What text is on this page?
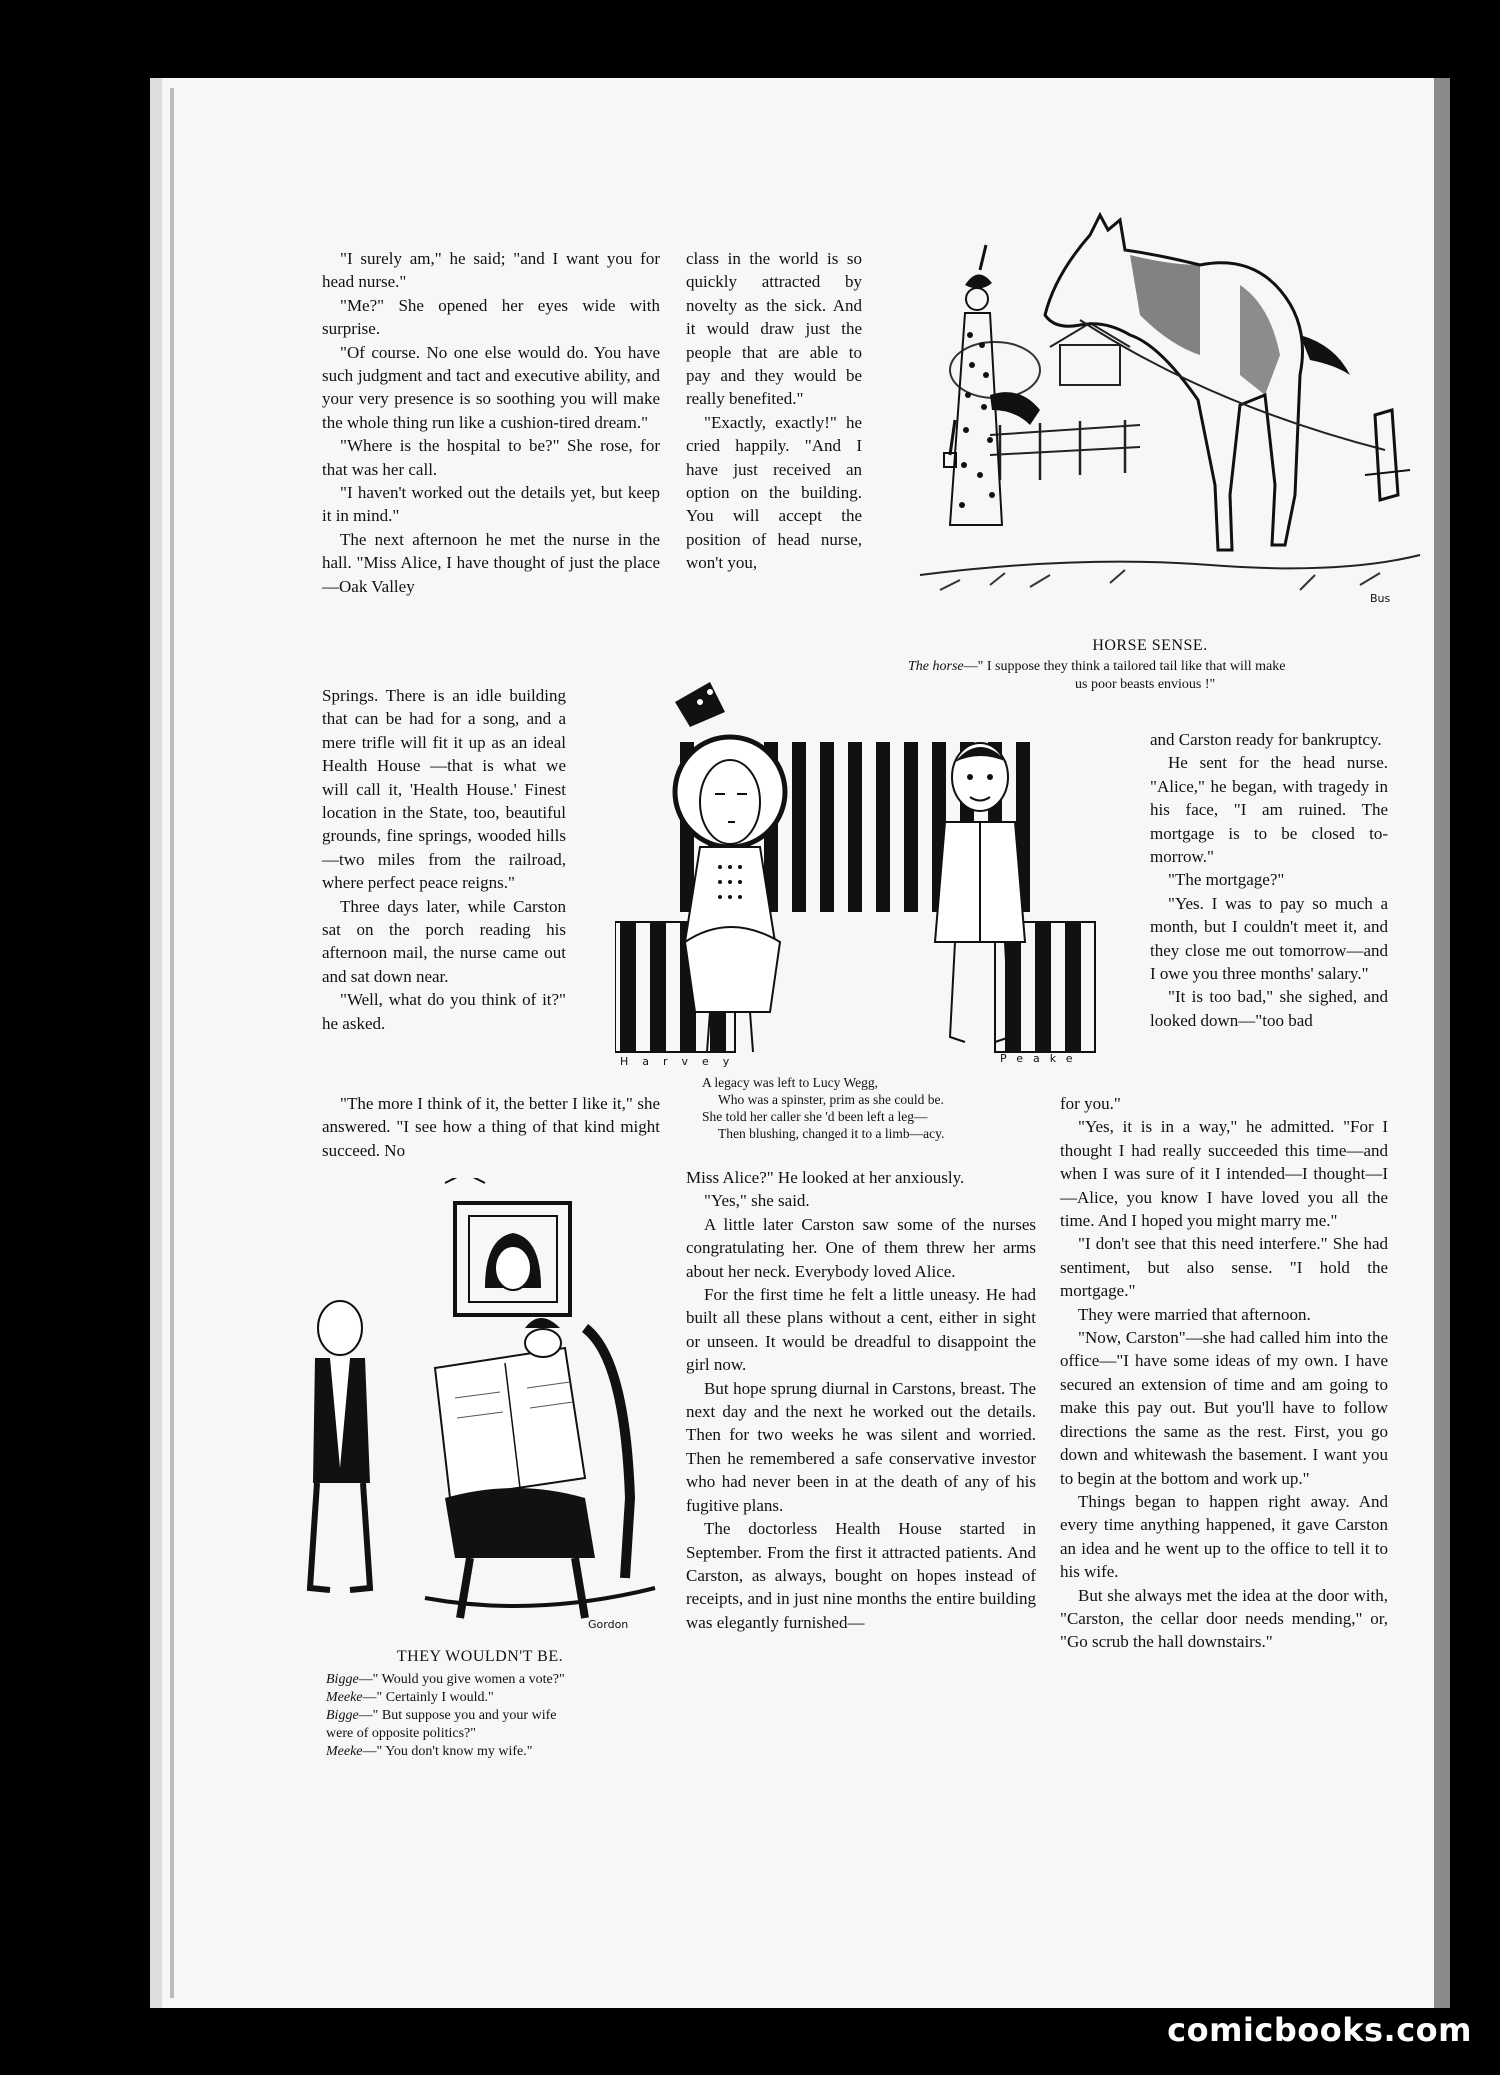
"I surely am," he said; "and I want you for head nurse."

"Me?" She opened her eyes wide with surprise.

"Of course. No one else would do. You have such judgment and tact and executive ability, and your very presence is so soothing you will make the whole thing run like a cushion-tired dream."

"Where is the hospital to be?" She rose, for that was her call.

"I haven't worked out the details yet, but keep it in mind."

The next afternoon he met the nurse in the hall. "Miss Alice, I have thought of just the place—Oak Valley

Springs. There is an idle building that can be had for a song, and a mere trifle will fit it up as an ideal Health House —that is what we will call it, 'Health House.' Finest location in the State, too, beautiful grounds, fine springs, wooded hills—two miles from the railroad, where perfect peace reigns."

Three days later, while Carston sat on the porch reading his afternoon mail, the nurse came out and sat down near.

"Well, what do you think of it?" he asked.

"The more I think of it, the better I like it," she answered. "I see how a thing of that kind might succeed. No

class in the world is so quickly attracted by novelty as the sick. And it would draw just the people that are able to pay and they would be really benefited."

"Exactly, exactly!" he cried happily. "And I have just received an option on the building. You will accept the position of head nurse, won't you,

Miss Alice?" He looked at her anxiously.

"Yes," she said.

A little later Carston saw some of the nurses congratulating her. One of them threw her arms about her neck. Everybody loved Alice.

For the first time he felt a little uneasy. He had built all these plans without a cent, either in sight or unseen. It would be dreadful to disappoint the girl now.

But hope sprung diurnal in Carstons, breast. The next day and the next he worked out the details. Then for two weeks he was silent and worried. Then he remembered a safe conservative investor who had never been in at the death of any of his fugitive plans.

The doctorless Health House started in September. From the first it attracted patients. And Carston, as always, bought on hopes instead of receipts, and in just nine months the entire building was elegantly furnished—

and Carston ready for bankruptcy.

He sent for the head nurse. "Alice," he began, with tragedy in his face, "I am ruined. The mortgage is to be closed to-morrow."

"The mortgage?"

"Yes. I was to pay so much a month, but I couldn't meet it, and they close me out tomorrow—and I owe you three months' salary."

"It is too bad," she sighed, and looked down—"too bad

for you."

"Yes, it is in a way," he admitted. "For I thought I had really succeeded this time—and when I was sure of it I intended—I thought—I—Alice, you know I have loved you all the time. And I hoped you might marry me."

"I don't see that this need interfere." She had sentiment, but also sense. "I hold the mortgage."

They were married that afternoon.

"Now, Carston"—she had called him into the office—"I have some ideas of my own. I have secured an extension of time and am going to make this pay out. But you'll have to follow directions the same as the rest. First, you go down and whitewash the basement. I want you to begin at the bottom and work up."

Things began to happen right away. And every time anything happened, it gave Carston an idea and he went up to the office to tell it to his wife.

But she always met the idea at the door with, "Carston, the cellar door needs mending," or, "Go scrub the hall downstairs."

Bus
HORSE SENSE.
The horse—" I suppose they think a tailored tail like that will make
us poor beasts envious !"
Harvey	Peake
A legacy was left to Lucy Wegg,
Who was a spinster, prim as she could be.
She told her caller she 'd been left a leg—
Then blushing, changed it to a limb—acy.
Gordon
THEY WOULDN'T BE.
Bigge—" Would you give women a vote?"
Meeke—" Certainly I would."
Bigge—" But suppose you and your wife
were of opposite politics?"
Meeke—" You don't know my wife."
comicbooks.com
